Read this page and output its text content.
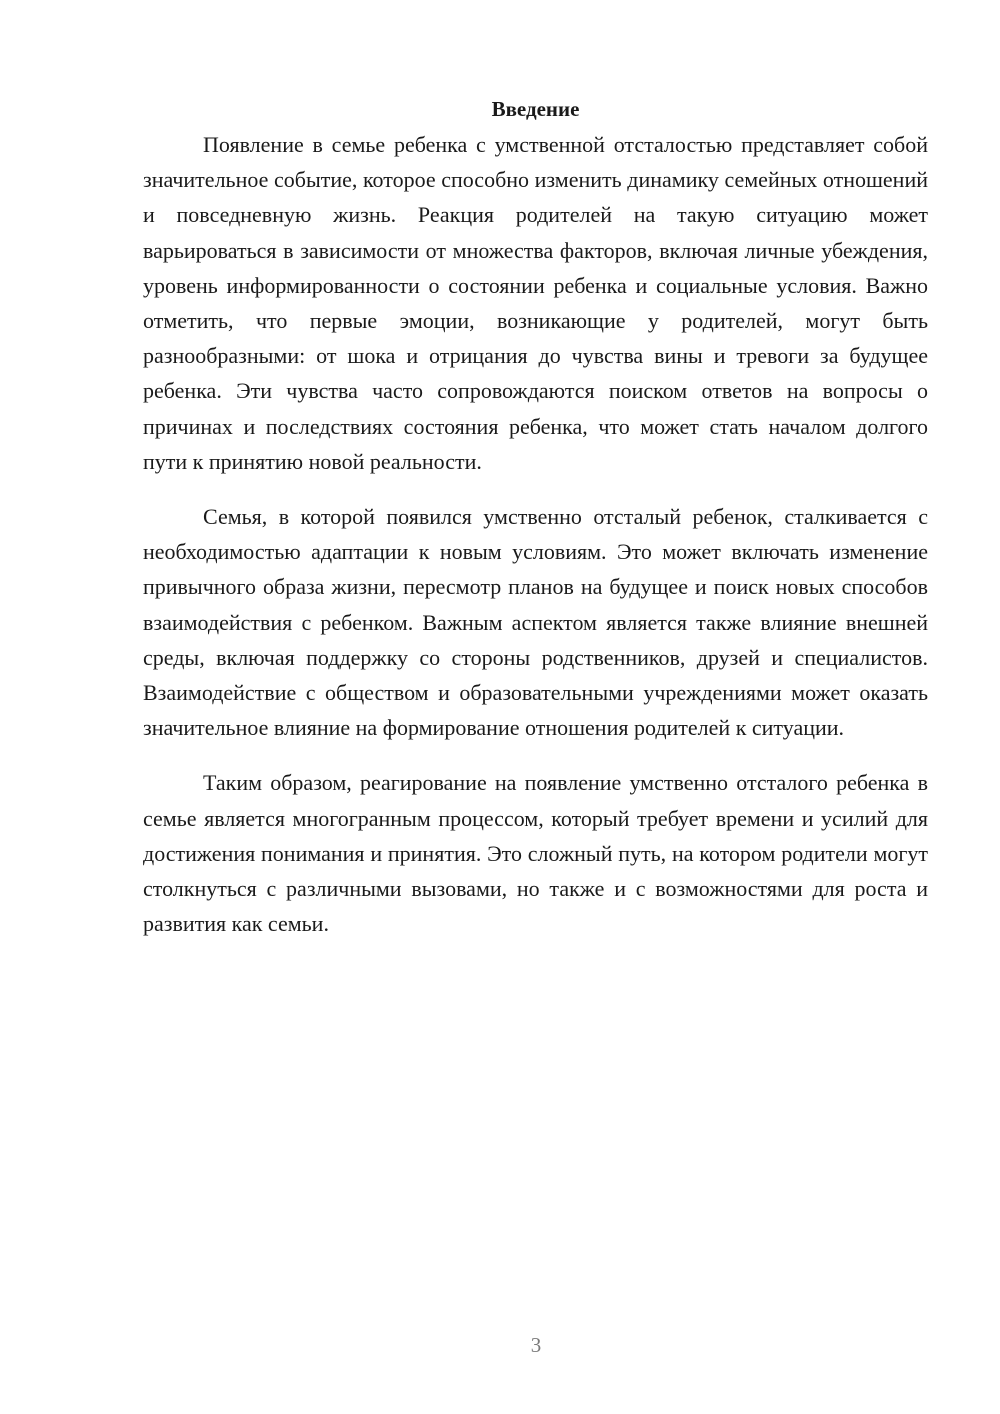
Введение

Появление в семье ребенка с умственной отсталостью представляет собой значительное событие, которое способно изменить динамику семейных отношений и повседневную жизнь. Реакция родителей на такую ситуацию может варьироваться в зависимости от множества факторов, включая личные убеждения, уровень информированности о состоянии ребенка и социальные условия. Важно отметить, что первые эмоции, возникающие у родителей, могут быть разнообразными: от шока и отрицания до чувства вины и тревоги за будущее ребенка. Эти чувства часто сопровождаются поиском ответов на вопросы о причинах и последствиях состояния ребенка, что может стать началом долгого пути к принятию новой реальности.

Семья, в которой появился умственно отсталый ребенок, сталкивается с необходимостью адаптации к новым условиям. Это может включать изменение привычного образа жизни, пересмотр планов на будущее и поиск новых способов взаимодействия с ребенком. Важным аспектом является также влияние внешней среды, включая поддержку со стороны родственников, друзей и специалистов. Взаимодействие с обществом и образовательными учреждениями может оказать значительное влияние на формирование отношения родителей к ситуации.

Таким образом, реагирование на появление умственно отсталого ребенка в семье является многогранным процессом, который требует времени и усилий для достижения понимания и принятия. Это сложный путь, на котором родители могут столкнуться с различными вызовами, но также и с возможностями для роста и развития как семьи.

3
